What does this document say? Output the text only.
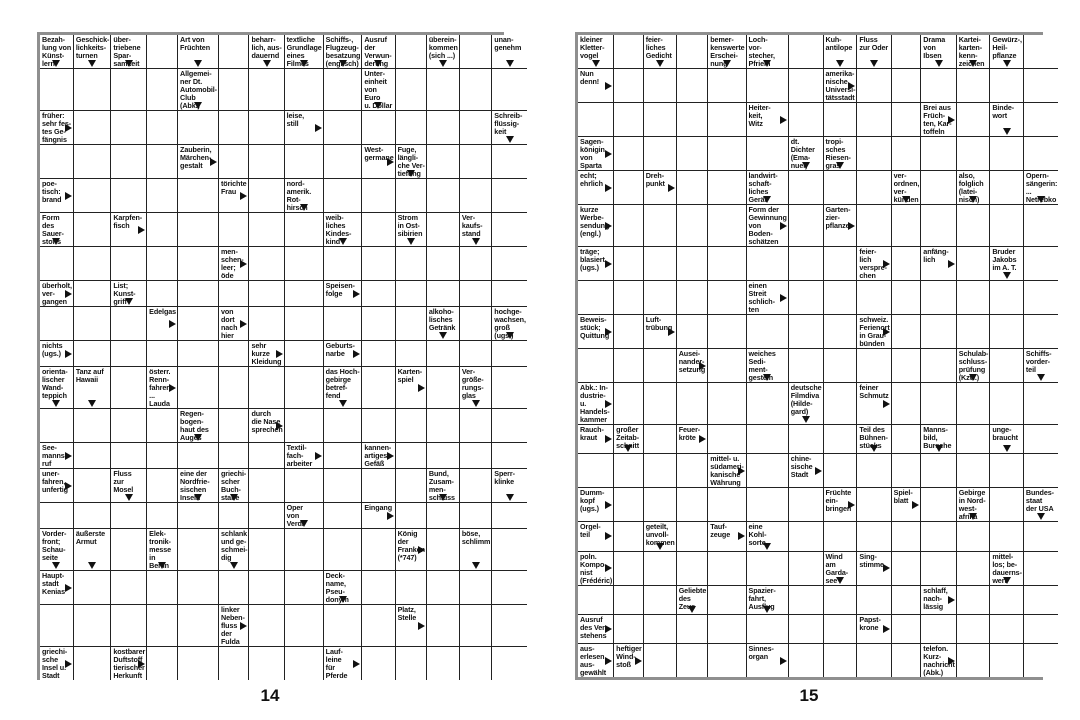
Bezah-
lung von
Künst-
lern
Geschick-
lichkeits-
turnen
über-
triebene
Spar-
samkeit
Art von
Früchten
beharr-
lich, aus-
dauernd
textliche
Grundlage
eines
Filmes
Schiffs-,
Flugzeug-
besatzung
(englisch)
Ausruf
der
Verwun-
derung
überein-
kommen
(sich ...)
unan-
genehm
Allgemei-
ner Dt.
Automobil-
Club (Abk.)
Unter-
einheit
von Euro
u. Dollar
früher:
sehr fes-
tes Ge-
fängnis
leise,
still
Schreib-
flüssig-
keit
Zauberin,
Märchen-
gestalt
West-
germane
Fuge,
längli-
che Ver-
tiefung
poe-
tisch:
brand
törichte
Frau
nord-
amerik.
Rot-
hirsch
Form
des
Sauer-
stoffs
Karpfen-
fisch
weib-
liches
Kindes-
kind
Strom
in Ost-
sibirien
Ver-
kaufs-
stand
men-
schen-
leer;
öde
überholt,
ver-
gangen
List;
Kunst-
griff
Speisen-
folge
Edelgas	von dort
nach hier
alkoho-
lisches
Getränk
hochge-
wachsen,
groß
(ugs.)
nichts
(ugs.)
sehr
kurze
Kleidung
Geburts-
narbe
orienta-
lischer
Wand-
teppich
Tanz auf
Hawaii
österr.
Renn-
fahrer: ...
Lauda
das Hoch-
gebirge
betref-
fend
Karten-
spiel
Ver-
größe-
rungs-
glas
Regen-
bogen-
haut des
Auges
durch
die Nase
sprechen
See-
manns-
ruf
Textil-
fach-
arbeiter
kannen-
artiges
Gefäß
uner-
fahren,
unfertig
Fluss
zur
Mosel
eine der
Nordfrie-
sischen
Inseln
griechi-
scher
Buch-
stabe
Bund,
Zusam-
men-
schluss
Sperr-
klinke
Oper
von
Verdi
Eingang
Vorder-
front;
Schau-
seite
äußerste
Armut
Elek-
tronik-
messe
in Berlin
schlank
und ge-
schmei-
dig
König
der
Franken
(*747)
böse,
schlimm
Haupt-
stadt
Kenias
Deck-
name,
Pseu-
donym
linker
Neben-
fluss der
Fulda
Platz,
Stelle
griechi-
sche
Insel u.
Stadt
kostbarer
Duftstoff
tierischer
Herkunft
Lauf-
leine
für
Pferde
14
kleiner
Kletter-
vogel
feier-
liches
Gedicht
bemer-
kenswerte
Erschei-
nung
Loch-
vor-
stecher,
Pfriem
Kuh-
antilope
Fluss
zur Oder
Drama
von
Ibsen
Kartei-
karten-
kenn-
zeichen
Gewürz-,
Heil-
pflanze
Nun
denn!
amerika-
nische
Universi-
tätsstadt
Heiter-
keit,
Witz
Brei aus
Früch-
ten, Kar-
toffeln
Binde-
wort
Sagen-
königin
von
Sparta
dt.
Dichter
(Ema-
nuel)
tropi-
sches
Riesen-
gras
echt;
ehrlich
Dreh-
punkt
landwirt-
schaft-
liches
Gerät
ver-
ordnen,
ver-
künden
also,
folglich
(latei-
nisch)
Opern-
sängerin:
...
Netrebko
kurze
Werbe-
sendung
(engl.)
Form der
Gewinnung
von Boden-
schätzen
Garten-
zier-
pflanze
träge;
blasiert
(ugs.)
feier-
lich
verspre-
chen
anfäng-
lich
Bruder
Jakobs
im A. T.
einen
Streit
schlich-
ten
Beweis-
stück;
Quittung
Luft-
trübung
schweiz.
Ferienort
in Grau-
bünden
Ausei-
nander-
setzung
weiches
Sedi-
ment-
gestein
Schulab-
schluss-
prüfung
(Kzw.)
Schiffs-
vorder-
teil
Abk.: In-
dustrie- u.
Handels-
kammer
deutsche
Filmdiva
(Hilde-
gard)
feiner
Schmutz
Rauch-
kraut
großer
Zeitab-
schnitt
Feuer-
kröte
Teil des
Bühnen-
stücks
Manns-
bild,
Bursche
unge-
braucht
mittel- u.
südameri-
kanische
Währung
chine-
sische
Stadt
Dumm-
kopf
(ugs.)
Früchte
ein-
bringen
Spiel-
blatt
Gebirge
in Nord-
west-
afrika
Bundes-
staat
der USA
Orgel-
teil
geteilt,
unvoll-
kommen
Tauf-
zeuge
eine
Kohl-
sorte
poln.
Kompo-
nist
(Frédéric)
Wind
am
Garda-
see
Sing-
stimme
mittel-
los; be-
dauerns-
wert
Geliebte
des Zeus
Spazier-
fahrt,
Ausflug
schlaff,
nach-
lässig
Ausruf
des Ver-
stehens
Papst-
krone
aus-
erlesen,
aus-
gewählt
heftiger
Wind-
stoß
Sinnes-
organ
telefon.
Kurz-
nachricht
(Abk.)
15
